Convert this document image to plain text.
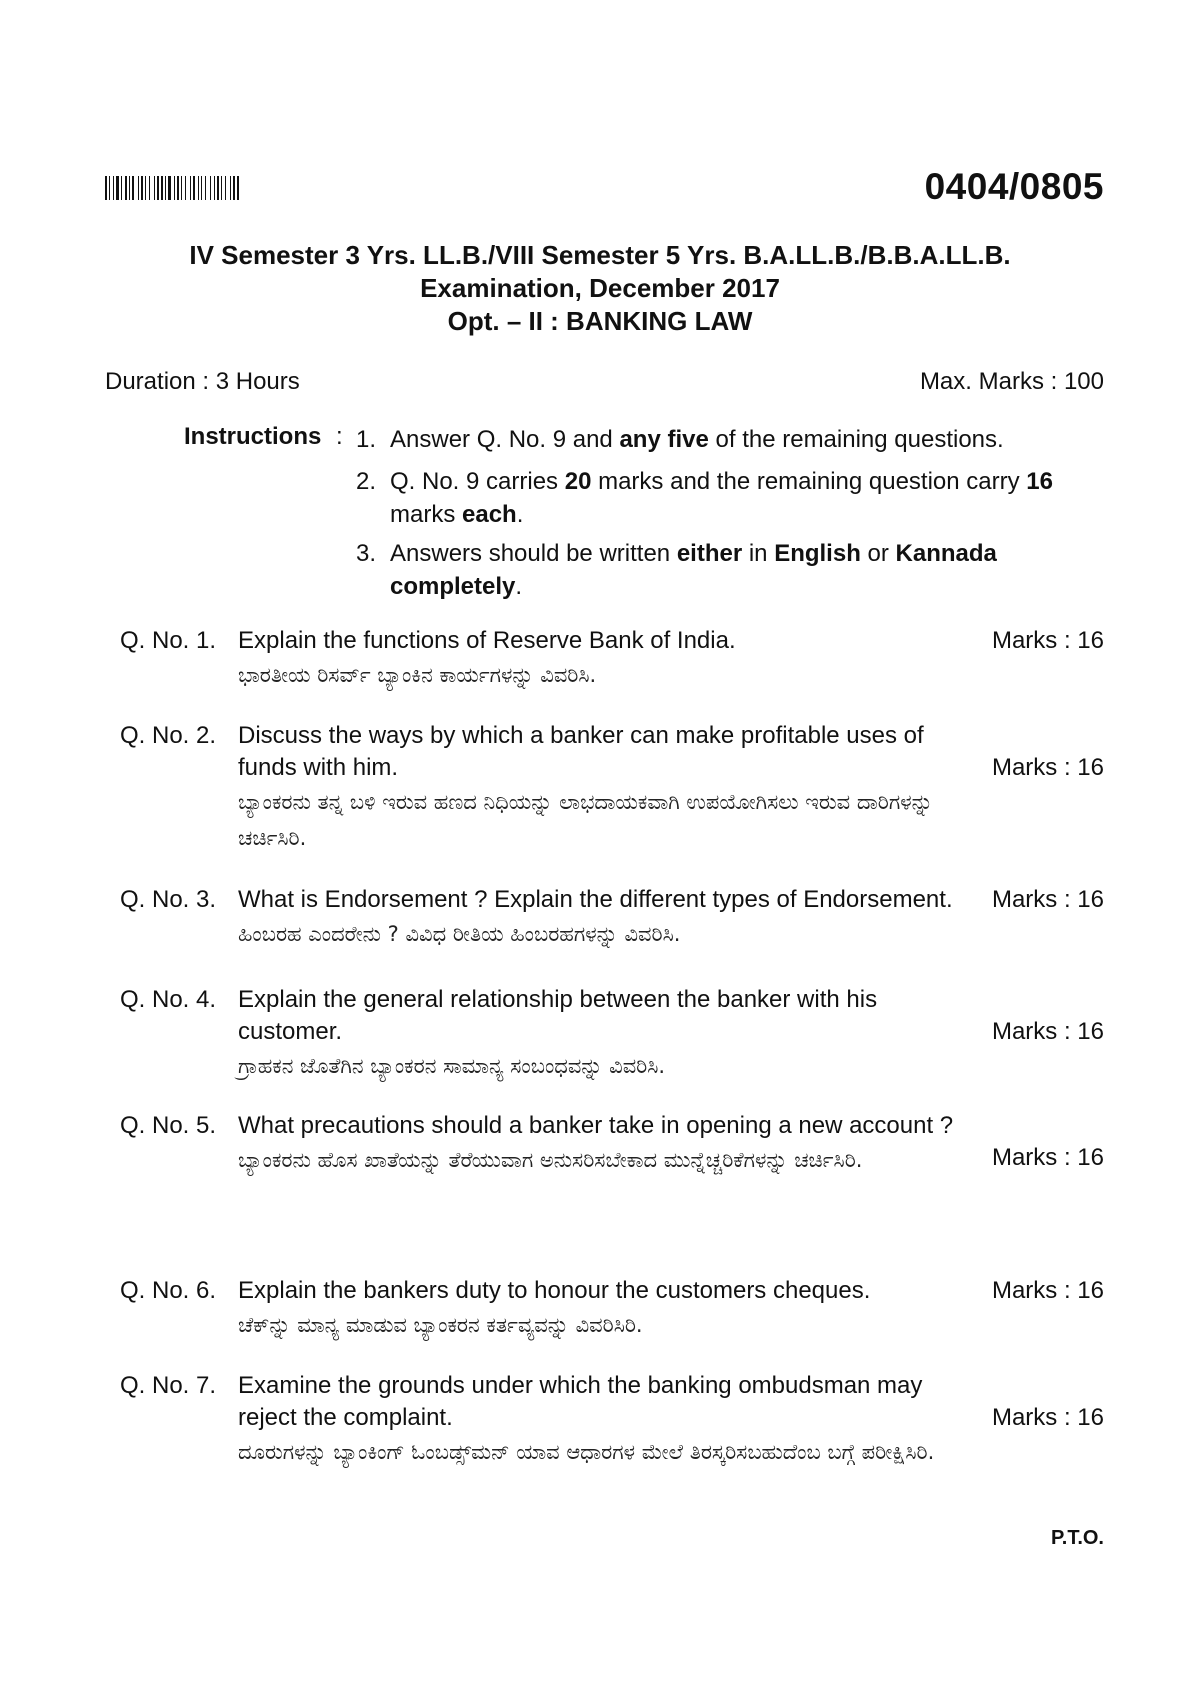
0404/0805
IV Semester 3 Yrs. LL.B./VIII Semester 5 Yrs. B.A.LL.B./B.B.A.LL.B.
Examination, December 2017
Opt. – II : BANKING LAW
Duration : 3 Hours	Max. Marks : 100
Instructions : 1. Answer Q. No. 9 and any five of the remaining questions.
2. Q. No. 9 carries 20 marks and the remaining question carry 16 marks each.
3. Answers should be written either in English or Kannada completely.
Q. No. 1. Explain the functions of Reserve Bank of India.
ಭಾರತೀಯ ರಿಸರ್ವ್ ಬ್ಯಾಂಕಿನ ಕಾರ್ಯಗಳನ್ನು ವಿವರಿಸಿ.
Marks : 16
Q. No. 2. Discuss the ways by which a banker can make profitable uses of funds with him.
ಬ್ಯಾಂಕರನು ತನ್ನ ಬಳಿ ಇರುವ ಹಣದ ನಿಧಿಯನ್ನು ಲಾಭದಾಯಕವಾಗಿ ಉಪಯೋಗಿಸಲು ಇರುವ ದಾರಿಗಳನ್ನು ಚರ್ಚಿಸಿರಿ.
Marks : 16
Q. No. 3. What is Endorsement ? Explain the different types of Endorsement.
ಹಿಂಬರಹ ಎಂದರೇನು ? ವಿವಿಧ ರೀತಿಯ ಹಿಂಬರಹಗಳನ್ನು ವಿವರಿಸಿ.
Marks : 16
Q. No. 4. Explain the general relationship between the banker with his customer.
ಗ್ರಾಹಕನ ಜೊತೆಗಿನ ಬ್ಯಾಂಕರನ ಸಾಮಾನ್ಯ ಸಂಬಂಧವನ್ನು ವಿವರಿಸಿ.
Marks : 16
Q. No. 5. What precautions should a banker take in opening a new account ?
ಬ್ಯಾಂಕರನು ಹೊಸ ಖಾತೆಯನ್ನು ತೆರೆಯುವಾಗ ಅನುಸರಿಸಬೇಕಾದ ಮುನ್ನೆಚ್ಚರಿಕೆಗಳನ್ನು ಚರ್ಚಿಸಿರಿ.	Marks : 16
Q. No. 6. Explain the bankers duty to honour the customers cheques.
ಚೆಕ್‌ನ್ನು ಮಾನ್ಯ ಮಾಡುವ ಬ್ಯಾಂಕರನ ಕರ್ತವ್ಯವನ್ನು ವಿವರಿಸಿರಿ.
Marks : 16
Q. No. 7. Examine the grounds under which the banking ombudsman may reject the complaint.
ದೂರುಗಳನ್ನು ಬ್ಯಾಂಕಿಂಗ್ ಓಂಬಡ್ಸ್‌ಮನ್ ಯಾವ ಆಧಾರಗಳ ಮೇಲೆ ತಿರಸ್ಕರಿಸಬಹುದೆಂಬ ಬಗ್ಗೆ ಪರೀಕ್ಷಿಸಿರಿ.
Marks : 16
P.T.O.
